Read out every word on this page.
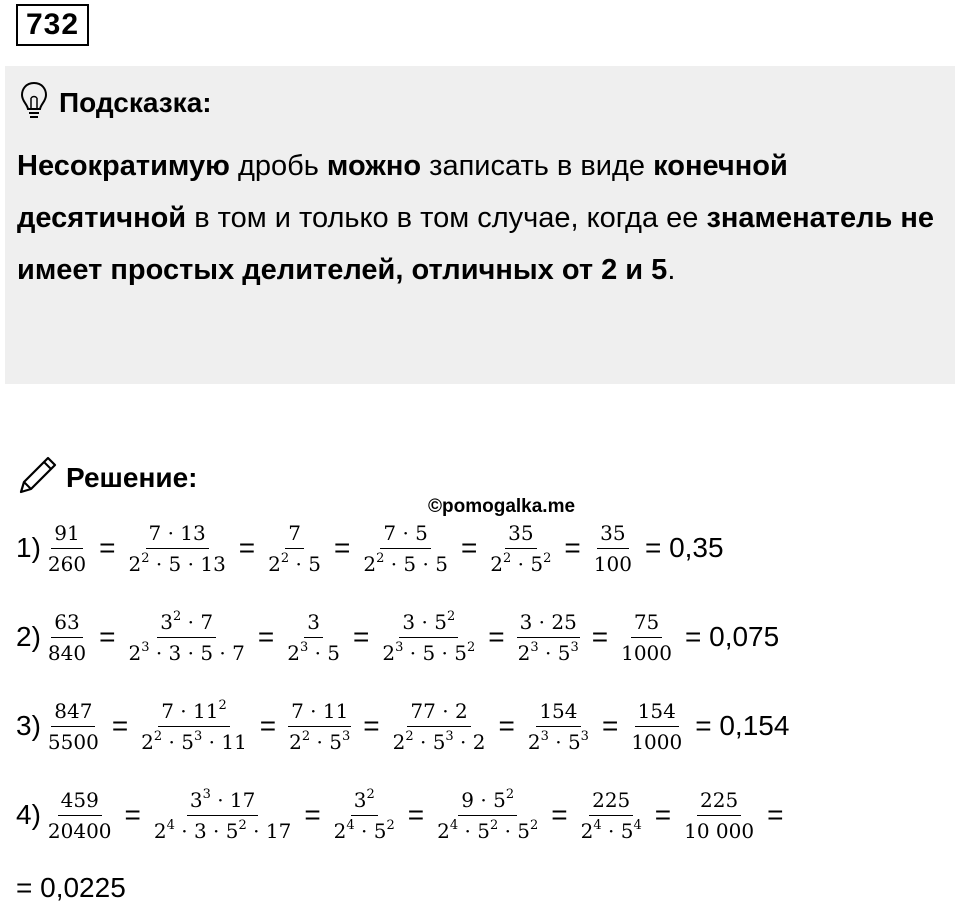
732
Подсказка:
Несократимую дробь можно записать в виде конечной десятичной в том и только в том случае, когда ее знаменатель не имеет простых делителей, отличных от 2 и 5.
Решение:
©pomogalka.me
$1) \frac{91}{260} = \frac{7 \cdot 13}{2^2 \cdot 5 \cdot 13} = \frac{7}{2^2 \cdot 5} = \frac{7 \cdot 5}{2^2 \cdot 5 \cdot 5} = \frac{35}{2^2 \cdot 5^2} = \frac{35}{100} = 0,35$
$2) \frac{63}{840} = \frac{3^2 \cdot 7}{2^3 \cdot 3 \cdot 5 \cdot 7} = \frac{3}{2^3 \cdot 5} = \frac{3 \cdot 5^2}{2^3 \cdot 5 \cdot 5^2} = \frac{3 \cdot 25}{2^3 \cdot 5^3} = \frac{75}{1000} = 0,075$
$3) \frac{847}{5500} = \frac{7 \cdot 11^2}{2^2 \cdot 5^3 \cdot 11} = \frac{7 \cdot 11}{2^2 \cdot 5^3} = \frac{77 \cdot 2}{2^2 \cdot 5^3 \cdot 2} = \frac{154}{2^3 \cdot 5^3} = \frac{154}{1000} = 0,154$
$4) \frac{459}{20400} = \frac{3^3 \cdot 17}{2^4 \cdot 3 \cdot 5^2 \cdot 17} = \frac{3^2}{2^4 \cdot 5^2} = \frac{9 \cdot 5^2}{2^4 \cdot 5^2 \cdot 5^2} = \frac{225}{2^4 \cdot 5^4} = \frac{225}{10 000}$ =
= 0,0225
